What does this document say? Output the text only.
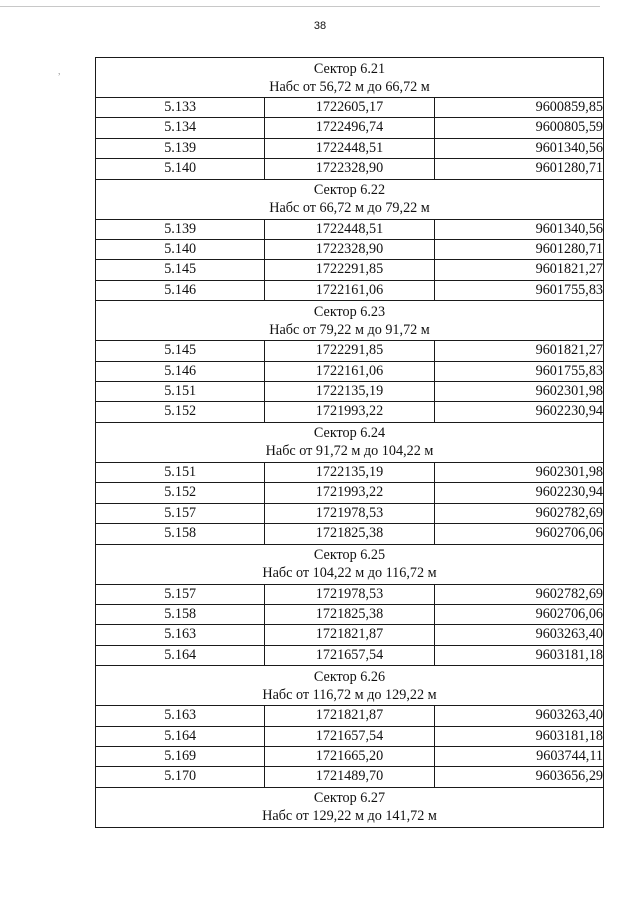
38
,	Сектор 6.21
Набс от 56,72 м до 66,72 м		

5.133	1722605,17	9600859,85
5.134	1722496,74	9600805,59
5.139	1722448,51	9601340,56
5.140	1722328,90	9601280,71

Сектор 6.22
Набс от 66,72 м до 79,22 м		

5.139	1722448,51	9601340,56
5.140	1722328,90	9601280,71
5.145	1722291,85	9601821,27
5.146	1722161,06	9601755,83

Сектор 6.23
Набс от 79,22 м до 91,72 м		

5.145	1722291,85	9601821,27
5.146	1722161,06	9601755,83
5.151	1722135,19	9602301,98
5.152	1721993,22	9602230,94

Сектор 6.24
Набс от 91,72 м до 104,22 м		

5.151	1722135,19	9602301,98
5.152	1721993,22	9602230,94
5.157	1721978,53	9602782,69
5.158	1721825,38	9602706,06

Сектор 6.25
Набс от 104,22 м до 116,72 м		

5.157	1721978,53	9602782,69
5.158	1721825,38	9602706,06
5.163	1721821,87	9603263,40
5.164	1721657,54	9603181,18

Сектор 6.26
Набс от 116,72 м до 129,22 м		

5.163	1721821,87	9603263,40
5.164	1721657,54	9603181,18
5.169	1721665,20	9603744,11
5.170	1721489,70	9603656,29

Сектор 6.27
Набс от 129,22 м до 141,72 м		
